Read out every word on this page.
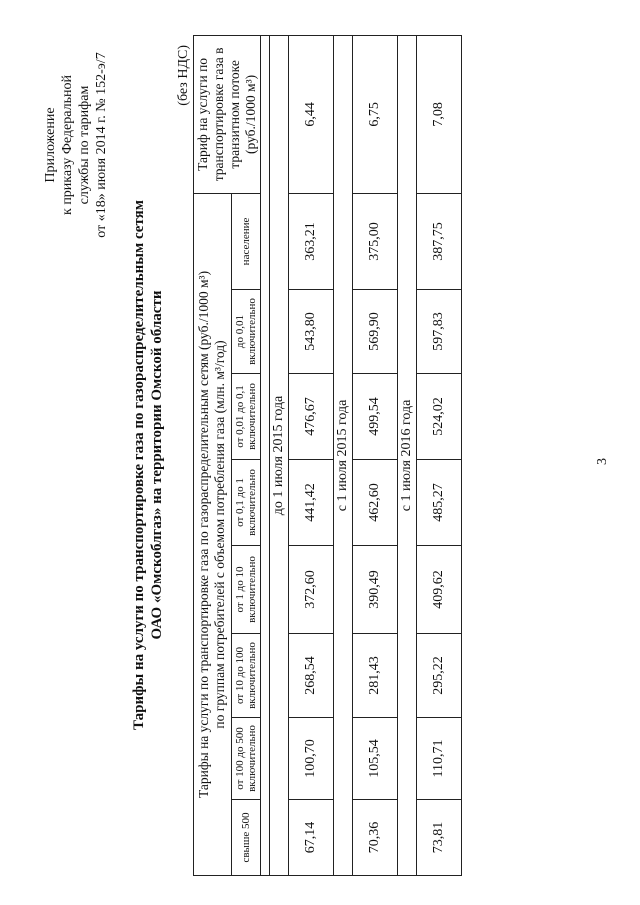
Приложение к приказу Федеральной службы по тарифам от «18» июня 2014 г. № 152-э/7
Тарифы на услуги по транспортировке газа по газораспределительным сетям ОАО «Омскоблгаз» на территории Омской области
(без НДС)
Тарифы на услуги по транспортировке газа по газораспределительным сетям (руб./1000 м³) по группам потребителей с объемом потребления газа (млн. м³/год)								Тариф на услуги по транспортировке газа в транзитном потоке (руб./1000 м³)
свыше 500	от 100 до 500 включительно	от 10 до 100 включительно	от 1 до 10 включительно	от 0,1 до 1 включительно	от 0,01 до 0,1 включительно	до 0,01 включительно	население	

до 1 июля 2015 года								
67,14	100,70	268,54	372,60	441,42	476,67	543,80	363,21	6,44
с 1 июля 2015 года								
70,36	105,54	281,43	390,49	462,60	499,54	569,90	375,00	6,75
с 1 июля 2016 года								
73,81	110,71	295,22	409,62	485,27	524,02	597,83	387,75	7,08
3
